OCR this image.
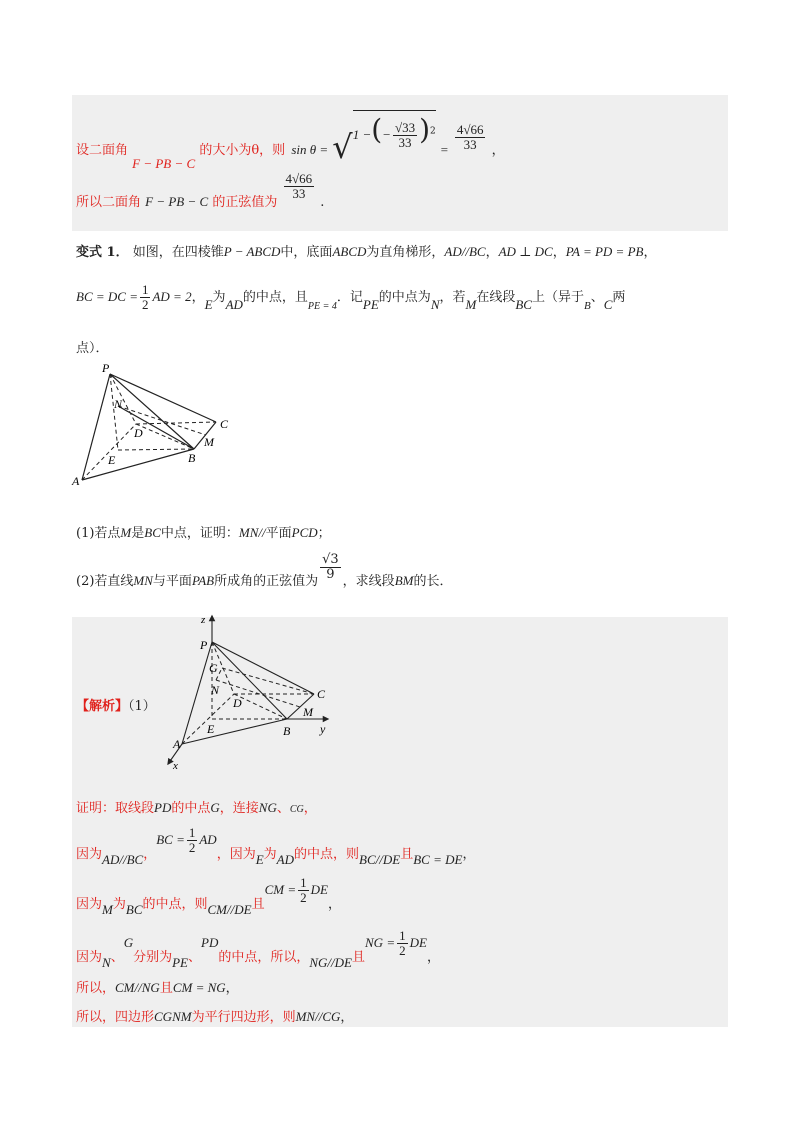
设二面角 F − PB − C 的大小为θ，则 sin θ = √1 −(− $\frac{√33}{33} )^2 = \frac{4√66}{33}$ ，
所以二面角 F − PB − C 的正弦值为
$\frac{4√66}{33}$
.
变式 1． 如图，在四棱锥P − ABCD中，底面ABCD为直角梯形，AD//BC，AD ⊥ DC，PA = PD = PB，
BC = DC = $\frac{1}{2}$ AD = 2，E为AD的中点，且$_{PE = 4}$．记PE的中点为N，若M在线段BC上（异于$_B$、C两
点）．
P
N
D
C
M
E	B
A
(1)若点M是BC中点，证明：MN//平面PCD；
(2)若直线MN与平面PAB所成角的正弦值为 $\frac{√3}{9}$ ，求线段BM的长．
【解析】（1）
z
P
G
N
D
C
M
E	B y
A
x
证明：取线段PD的中点G，连接NG、CG，
因为AD//BC，BC = $\frac{1}{2}$ AD，因为E为AD的中点，则BC//DE且BC = DE，
因为M为BC的中点，则CM//DE且CM = $\frac{1}{2}$ DE，
因为N、G分别为PE、PD的中点，所以，NG//DE且NG = $\frac{1}{2}$ DE，
所以，CM//NG且CM = NG，
所以，四边形CGNM为平行四边形，则MN//CG，
